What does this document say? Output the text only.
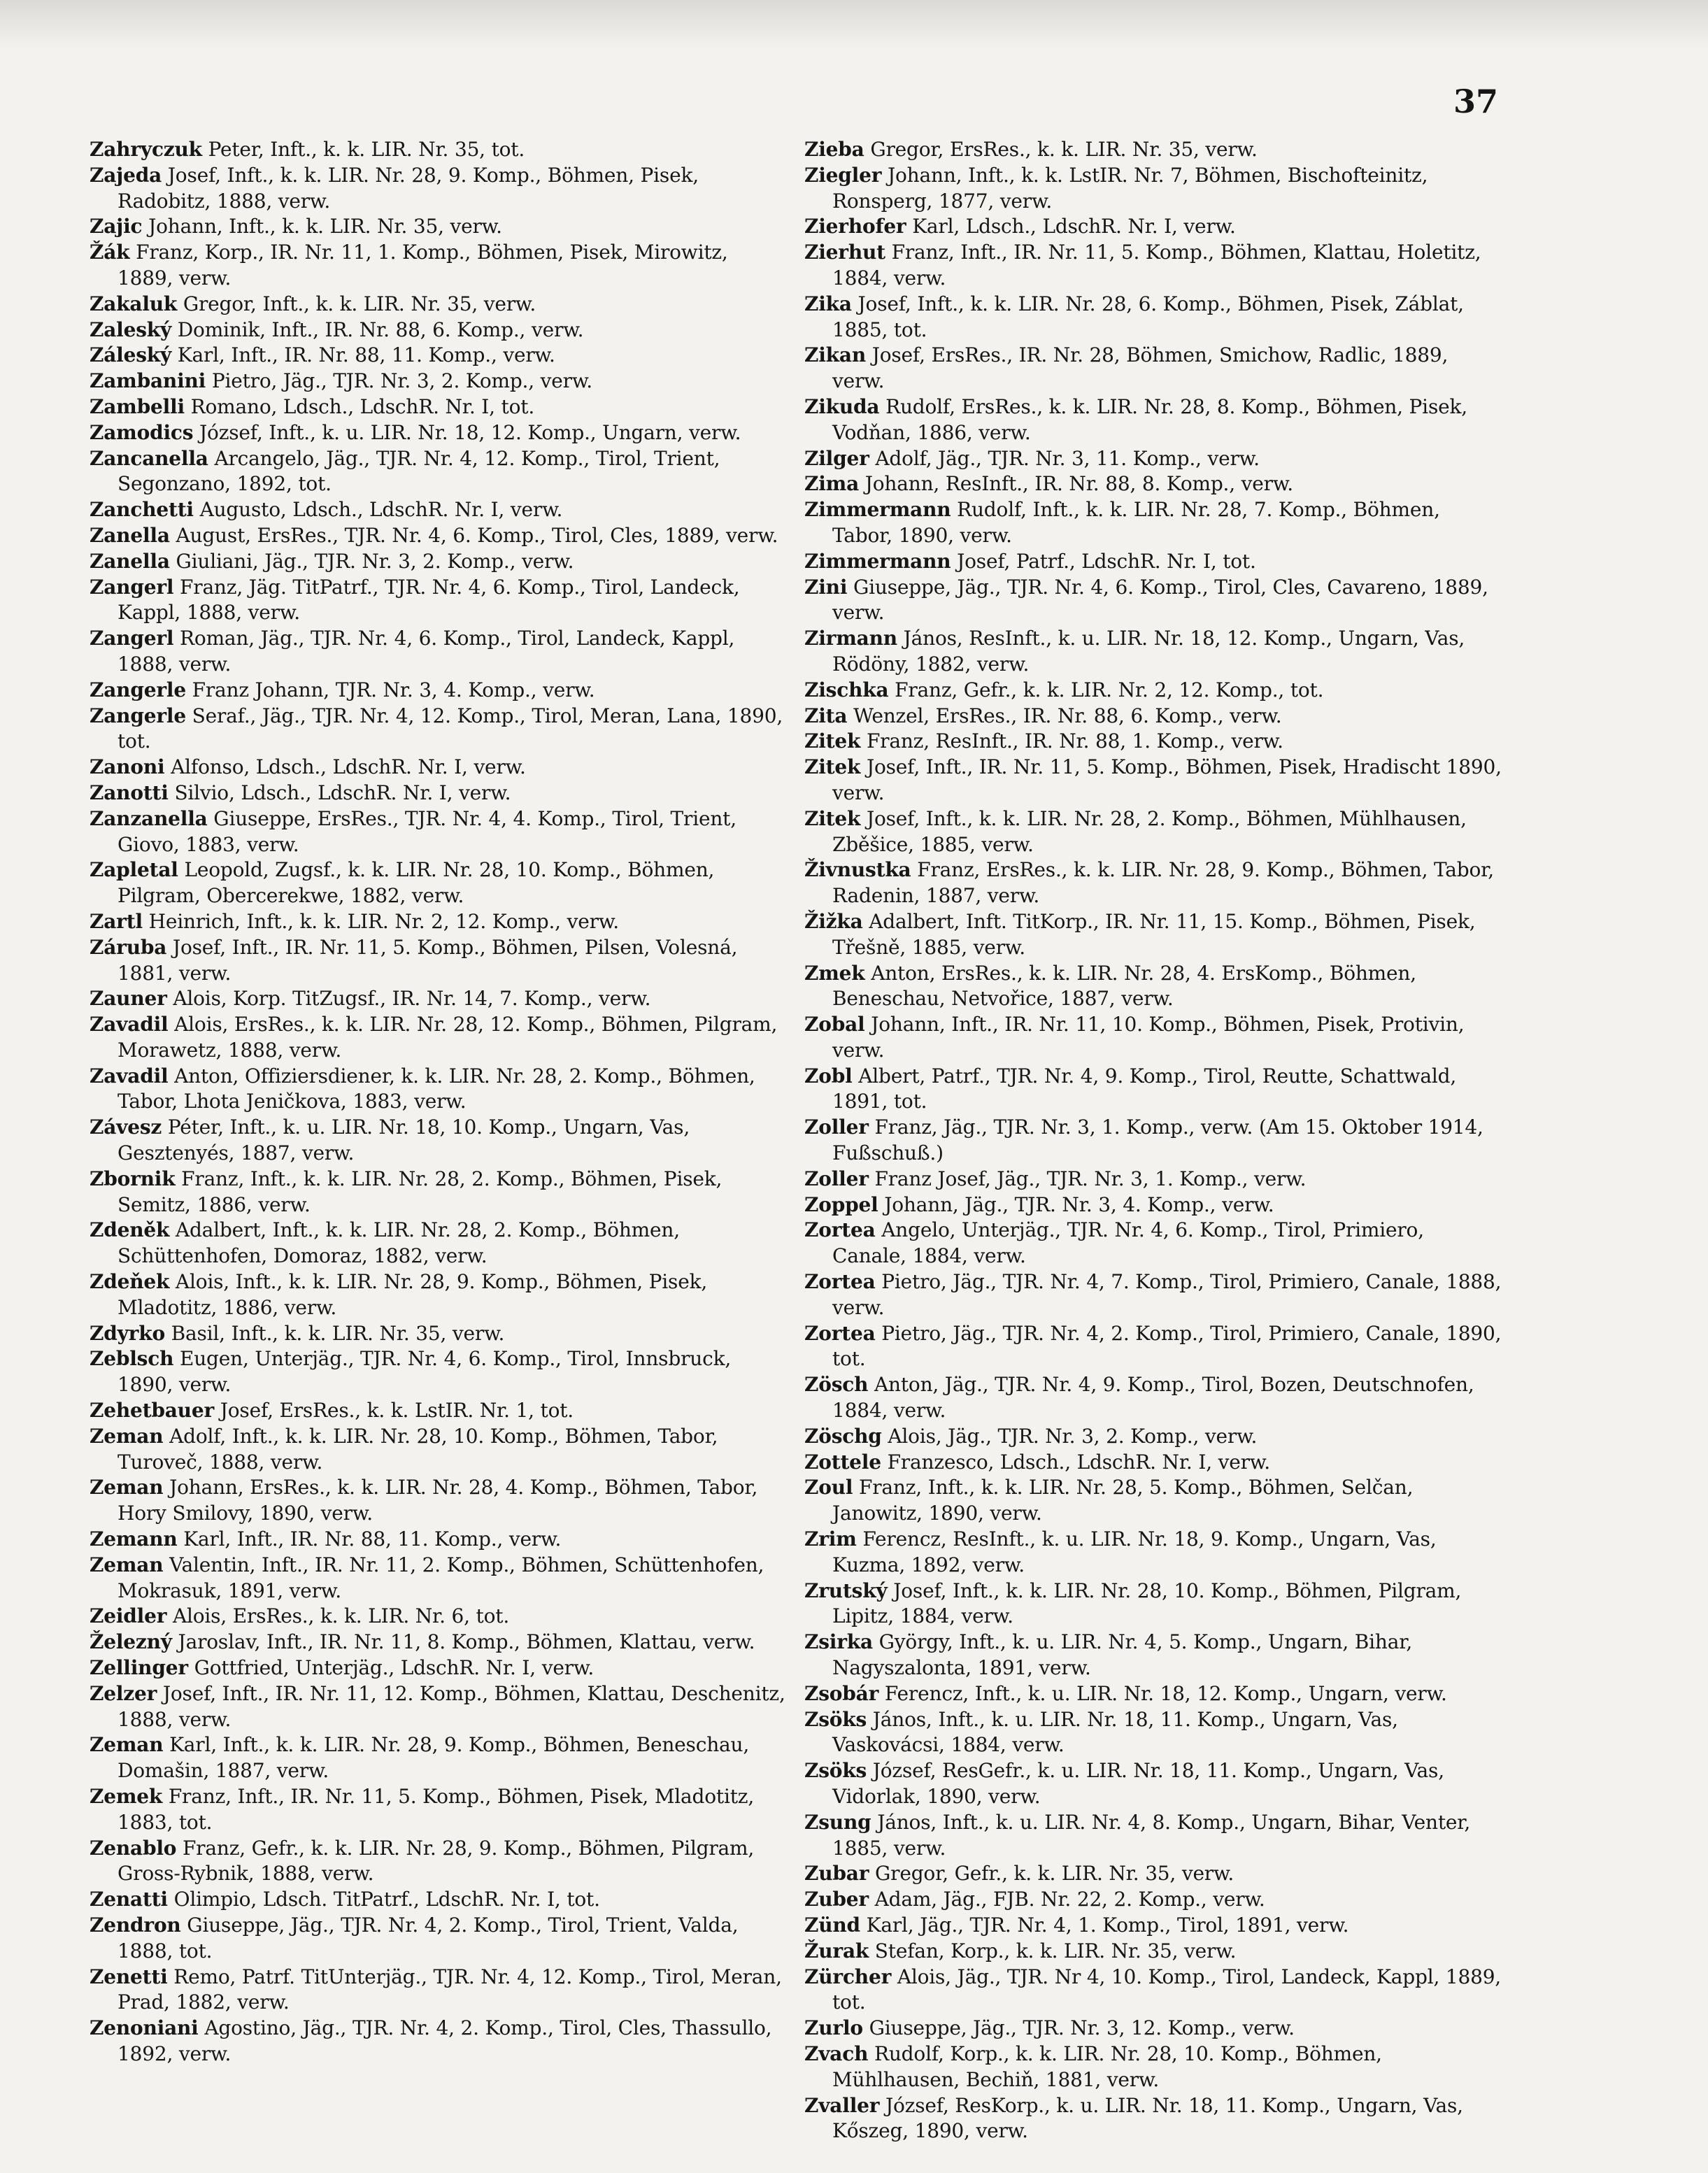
37

Zahryczuk Peter, Inft., k. k. LIR. Nr. 35, tot.

Zajeda Josef, Inft., k. k. LIR. Nr. 28, 9. Komp., Böhmen, Pisek, Radobitz, 1888, verw.

Zajic Johann, Inft., k. k. LIR. Nr. 35, verw.

Žák Franz, Korp., IR. Nr. 11, 1. Komp., Böhmen, Pisek, Mirowitz, 1889, verw.

Zakaluk Gregor, Inft., k. k. LIR. Nr. 35, verw.

Zaleský Dominik, Inft., IR. Nr. 88, 6. Komp., verw.

Záleský Karl, Inft., IR. Nr. 88, 11. Komp., verw.

Zambanini Pietro, Jäg., TJR. Nr. 3, 2. Komp., verw.

Zambelli Romano, Ldsch., LdschR. Nr. I, tot.

Zamodics József, Inft., k. u. LIR. Nr. 18, 12. Komp., Ungarn, verw.

Zancanella Arcangelo, Jäg., TJR. Nr. 4, 12. Komp., Tirol, Trient, Segonzano, 1892, tot.

Zanchetti Augusto, Ldsch., LdschR. Nr. I, verw.

Zanella August, ErsRes., TJR. Nr. 4, 6. Komp., Tirol, Cles, 1889, verw.

Zanella Giuliani, Jäg., TJR. Nr. 3, 2. Komp., verw.

Zangerl Franz, Jäg. TitPatrf., TJR. Nr. 4, 6. Komp., Tirol, Landeck, Kappl, 1888, verw.

Zangerl Roman, Jäg., TJR. Nr. 4, 6. Komp., Tirol, Landeck, Kappl, 1888, verw.

Zangerle Franz Johann, TJR. Nr. 3, 4. Komp., verw.

Zangerle Seraf., Jäg., TJR. Nr. 4, 12. Komp., Tirol, Meran, Lana, 1890, tot.

Zanoni Alfonso, Ldsch., LdschR. Nr. I, verw.

Zanotti Silvio, Ldsch., LdschR. Nr. I, verw.

Zanzanella Giuseppe, ErsRes., TJR. Nr. 4, 4. Komp., Tirol, Trient, Giovo, 1883, verw.

Zapletal Leopold, Zugsf., k. k. LIR. Nr. 28, 10. Komp., Böhmen, Pilgram, Obercerekwe, 1882, verw.

Zartl Heinrich, Inft., k. k. LIR. Nr. 2, 12. Komp., verw.

Záruba Josef, Inft., IR. Nr. 11, 5. Komp., Böhmen, Pilsen, Volesná, 1881, verw.

Zauner Alois, Korp. TitZugsf., IR. Nr. 14, 7. Komp., verw.

Zavadil Alois, ErsRes., k. k. LIR. Nr. 28, 12. Komp., Böhmen, Pilgram, Morawetz, 1888, verw.

Zavadil Anton, Offiziersdiener, k. k. LIR. Nr. 28, 2. Komp., Böhmen, Tabor, Lhota Jeničkova, 1883, verw.

Závesz Péter, Inft., k. u. LIR. Nr. 18, 10. Komp., Ungarn, Vas, Gesztenyés, 1887, verw.

Zbornik Franz, Inft., k. k. LIR. Nr. 28, 2. Komp., Böhmen, Pisek, Semitz, 1886, verw.

Zdeněk Adalbert, Inft., k. k. LIR. Nr. 28, 2. Komp., Böhmen, Schüttenhofen, Domoraz, 1882, verw.

Zdeňek Alois, Inft., k. k. LIR. Nr. 28, 9. Komp., Böhmen, Pisek, Mladotitz, 1886, verw.

Zdyrko Basil, Inft., k. k. LIR. Nr. 35, verw.

Zeblsch Eugen, Unterjäg., TJR. Nr. 4, 6. Komp., Tirol, Innsbruck, 1890, verw.

Zehetbauer Josef, ErsRes., k. k. LstIR. Nr. 1, tot.

Zeman Adolf, Inft., k. k. LIR. Nr. 28, 10. Komp., Böhmen, Tabor, Turoveč, 1888, verw.

Zeman Johann, ErsRes., k. k. LIR. Nr. 28, 4. Komp., Böhmen, Tabor, Hory Smilovy, 1890, verw.

Zemann Karl, Inft., IR. Nr. 88, 11. Komp., verw.

Zeman Valentin, Inft., IR. Nr. 11, 2. Komp., Böhmen, Schüttenhofen, Mokrasuk, 1891, verw.

Zeidler Alois, ErsRes., k. k. LIR. Nr. 6, tot.

Železný Jaroslav, Inft., IR. Nr. 11, 8. Komp., Böhmen, Klattau, verw.

Zellinger Gottfried, Unterjäg., LdschR. Nr. I, verw.

Zelzer Josef, Inft., IR. Nr. 11, 12. Komp., Böhmen, Klattau, Deschenitz, 1888, verw.

Zeman Karl, Inft., k. k. LIR. Nr. 28, 9. Komp., Böhmen, Beneschau, Domašin, 1887, verw.

Zemek Franz, Inft., IR. Nr. 11, 5. Komp., Böhmen, Pisek, Mladotitz, 1883, tot.

Zenablo Franz, Gefr., k. k. LIR. Nr. 28, 9. Komp., Böhmen, Pilgram, Gross-Rybnik, 1888, verw.

Zenatti Olimpio, Ldsch. TitPatrf., LdschR. Nr. I, tot.

Zendron Giuseppe, Jäg., TJR. Nr. 4, 2. Komp., Tirol, Trient, Valda, 1888, tot.

Zenetti Remo, Patrf. TitUnterjäg., TJR. Nr. 4, 12. Komp., Tirol, Meran, Prad, 1882, verw.

Zenoniani Agostino, Jäg., TJR. Nr. 4, 2. Komp., Tirol, Cles, Thassullo, 1892, verw.

Zieba Gregor, ErsRes., k. k. LIR. Nr. 35, verw.

Ziegler Johann, Inft., k. k. LstIR. Nr. 7, Böhmen, Bischofteinitz, Ronsperg, 1877, verw.

Zierhofer Karl, Ldsch., LdschR. Nr. I, verw.

Zierhut Franz, Inft., IR. Nr. 11, 5. Komp., Böhmen, Klattau, Holetitz, 1884, verw.

Zika Josef, Inft., k. k. LIR. Nr. 28, 6. Komp., Böhmen, Pisek, Záblat, 1885, tot.

Zikan Josef, ErsRes., IR. Nr. 28, Böhmen, Smichow, Radlic, 1889, verw.

Zikuda Rudolf, ErsRes., k. k. LIR. Nr. 28, 8. Komp., Böhmen, Pisek, Vodňan, 1886, verw.

Zilger Adolf, Jäg., TJR. Nr. 3, 11. Komp., verw.

Zima Johann, ResInft., IR. Nr. 88, 8. Komp., verw.

Zimmermann Rudolf, Inft., k. k. LIR. Nr. 28, 7. Komp., Böhmen, Tabor, 1890, verw.

Zimmermann Josef, Patrf., LdschR. Nr. I, tot.

Zini Giuseppe, Jäg., TJR. Nr. 4, 6. Komp., Tirol, Cles, Cavareno, 1889, verw.

Zirmann János, ResInft., k. u. LIR. Nr. 18, 12. Komp., Ungarn, Vas, Rödöny, 1882, verw.

Zischka Franz, Gefr., k. k. LIR. Nr. 2, 12. Komp., tot.

Zita Wenzel, ErsRes., IR. Nr. 88, 6. Komp., verw.

Zitek Franz, ResInft., IR. Nr. 88, 1. Komp., verw.

Zitek Josef, Inft., IR. Nr. 11, 5. Komp., Böhmen, Pisek, Hradischt 1890, verw.

Zitek Josef, Inft., k. k. LIR. Nr. 28, 2. Komp., Böhmen, Mühlhausen, Zběšice, 1885, verw.

Živnustka Franz, ErsRes., k. k. LIR. Nr. 28, 9. Komp., Böhmen, Tabor, Radenin, 1887, verw.

Žižka Adalbert, Inft. TitKorp., IR. Nr. 11, 15. Komp., Böhmen, Pisek, Třešně, 1885, verw.

Zmek Anton, ErsRes., k. k. LIR. Nr. 28, 4. ErsKomp., Böhmen, Beneschau, Netvořice, 1887, verw.

Zobal Johann, Inft., IR. Nr. 11, 10. Komp., Böhmen, Pisek, Protivin, verw.

Zobl Albert, Patrf., TJR. Nr. 4, 9. Komp., Tirol, Reutte, Schattwald, 1891, tot.

Zoller Franz, Jäg., TJR. Nr. 3, 1. Komp., verw. (Am 15. Oktober 1914, Fußschuß.)

Zoller Franz Josef, Jäg., TJR. Nr. 3, 1. Komp., verw.

Zoppel Johann, Jäg., TJR. Nr. 3, 4. Komp., verw.

Zortea Angelo, Unterjäg., TJR. Nr. 4, 6. Komp., Tirol, Primiero, Canale, 1884, verw.

Zortea Pietro, Jäg., TJR. Nr. 4, 7. Komp., Tirol, Primiero, Canale, 1888, verw.

Zortea Pietro, Jäg., TJR. Nr. 4, 2. Komp., Tirol, Primiero, Canale, 1890, tot.

Zösch Anton, Jäg., TJR. Nr. 4, 9. Komp., Tirol, Bozen, Deutschnofen, 1884, verw.

Zöschg Alois, Jäg., TJR. Nr. 3, 2. Komp., verw.

Zottele Franzesco, Ldsch., LdschR. Nr. I, verw.

Zoul Franz, Inft., k. k. LIR. Nr. 28, 5. Komp., Böhmen, Selčan, Janowitz, 1890, verw.

Zrim Ferencz, ResInft., k. u. LIR. Nr. 18, 9. Komp., Ungarn, Vas, Kuzma, 1892, verw.

Zrutský Josef, Inft., k. k. LIR. Nr. 28, 10. Komp., Böhmen, Pilgram, Lipitz, 1884, verw.

Zsirka György, Inft., k. u. LIR. Nr. 4, 5. Komp., Ungarn, Bihar, Nagyszalonta, 1891, verw.

Zsobár Ferencz, Inft., k. u. LIR. Nr. 18, 12. Komp., Ungarn, verw.

Zsöks János, Inft., k. u. LIR. Nr. 18, 11. Komp., Ungarn, Vas, Vaskovácsi, 1884, verw.

Zsöks József, ResGefr., k. u. LIR. Nr. 18, 11. Komp., Ungarn, Vas, Vidorlak, 1890, verw.

Zsung János, Inft., k. u. LIR. Nr. 4, 8. Komp., Ungarn, Bihar, Venter, 1885, verw.

Zubar Gregor, Gefr., k. k. LIR. Nr. 35, verw.

Zuber Adam, Jäg., FJB. Nr. 22, 2. Komp., verw.

Zünd Karl, Jäg., TJR. Nr. 4, 1. Komp., Tirol, 1891, verw.

Žurak Stefan, Korp., k. k. LIR. Nr. 35, verw.

Zürcher Alois, Jäg., TJR. Nr 4, 10. Komp., Tirol, Landeck, Kappl, 1889, tot.

Zurlo Giuseppe, Jäg., TJR. Nr. 3, 12. Komp., verw.

Zvach Rudolf, Korp., k. k. LIR. Nr. 28, 10. Komp., Böhmen, Mühlhausen, Bechiň, 1881, verw.

Zvaller József, ResKorp., k. u. LIR. Nr. 18, 11. Komp., Ungarn, Vas, Kőszeg, 1890, verw.
